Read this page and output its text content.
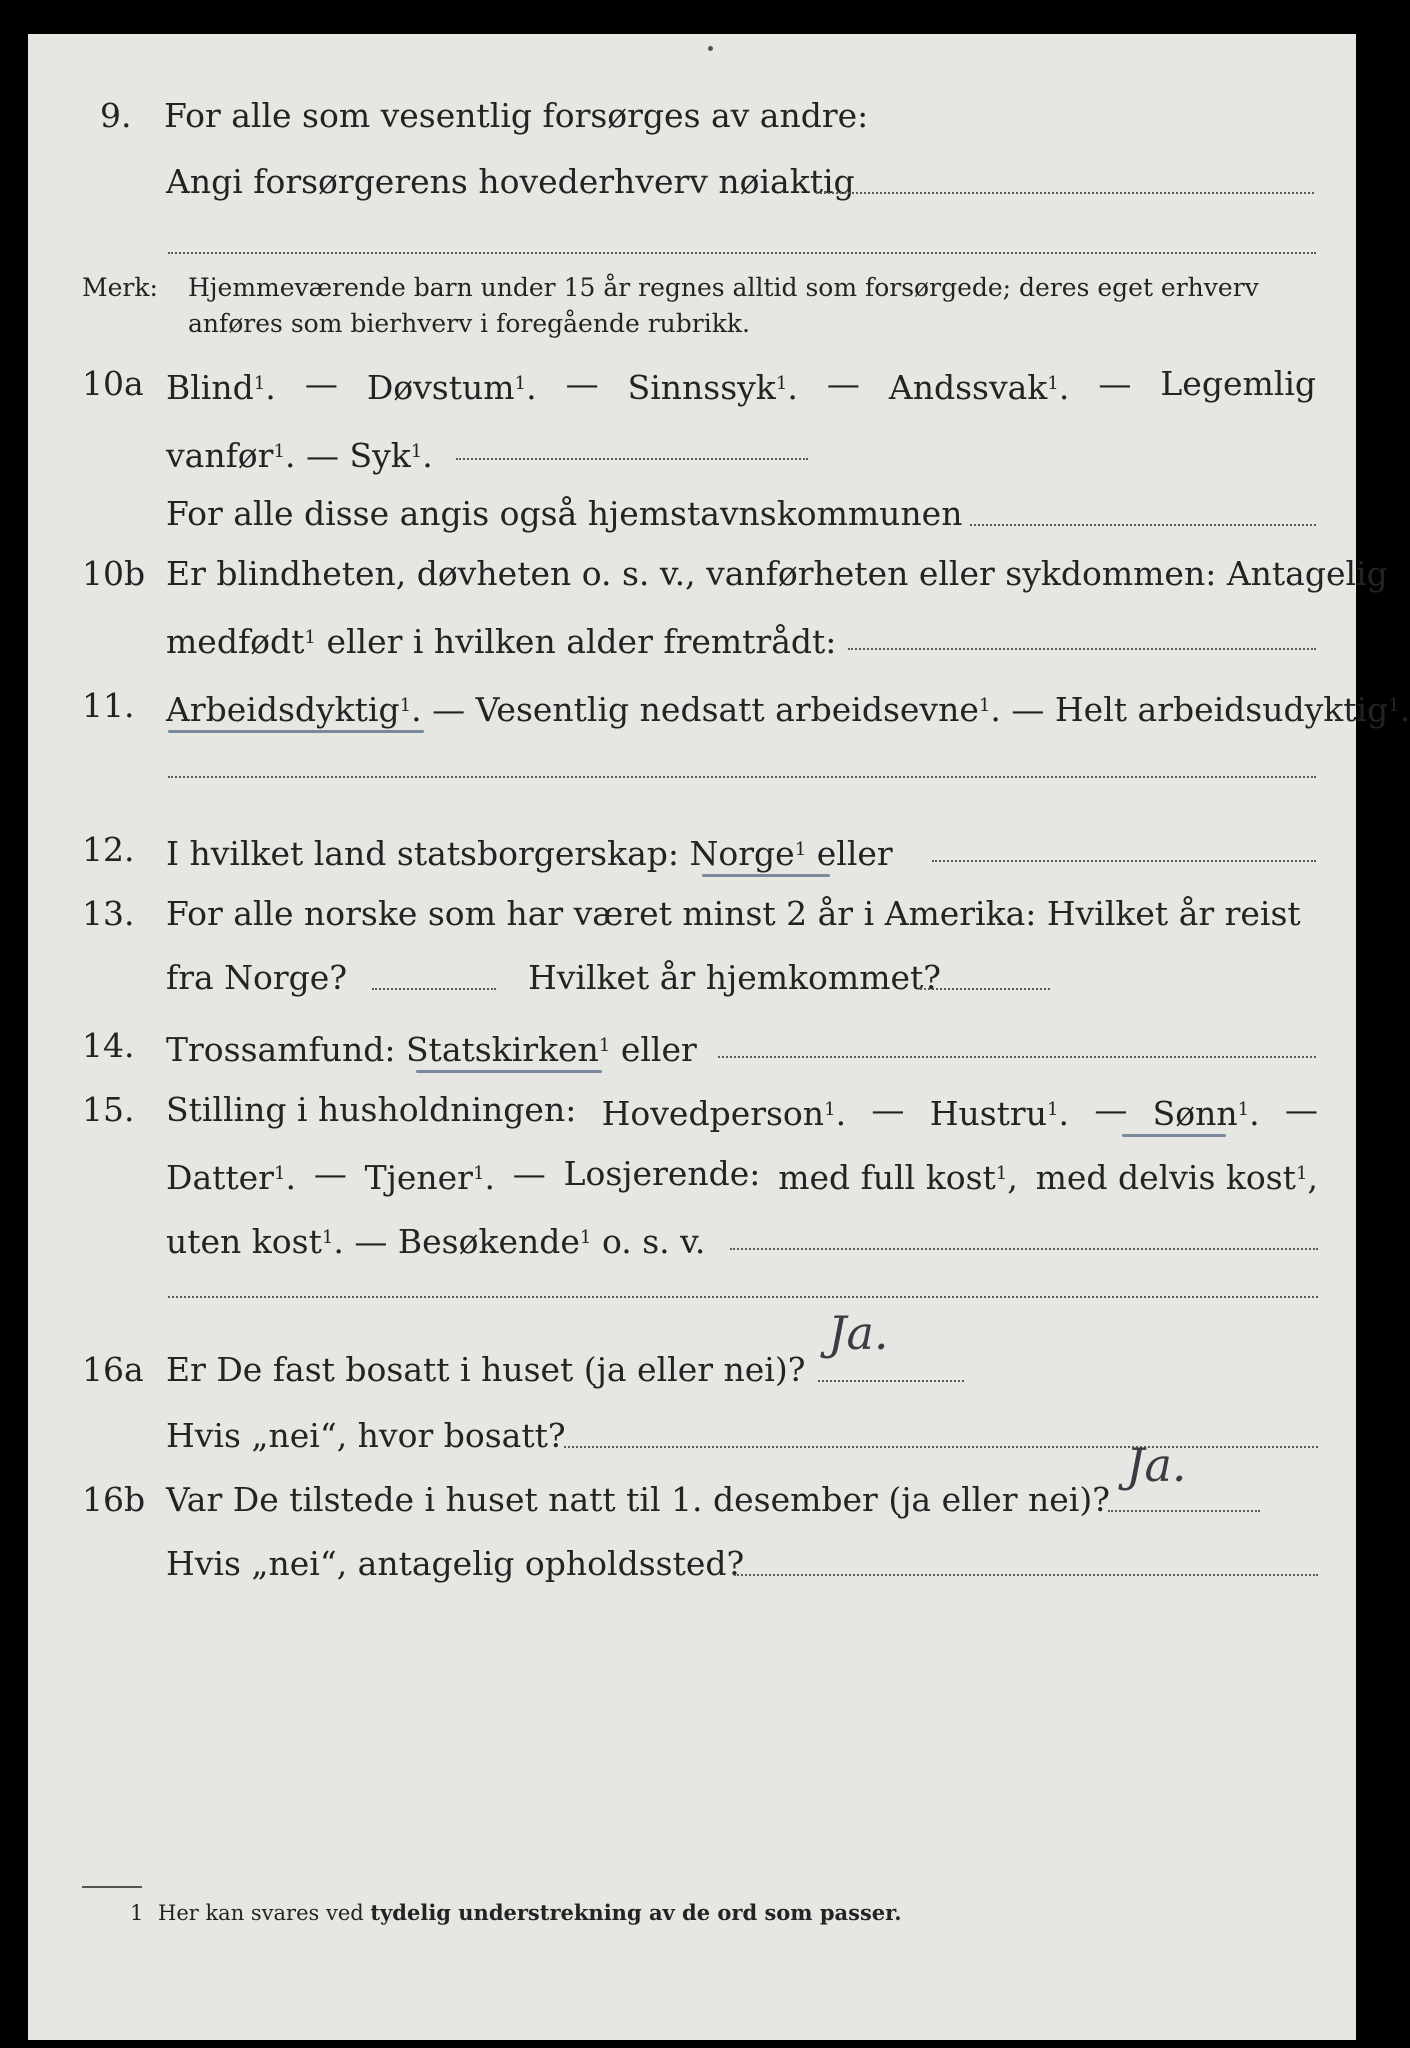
9. For alle som vesentlig forsørges av andre:
Angi forsørgerens hovederhverv nøiaktig
Merk: Hjemmeværende barn under 15 år regnes alltid som forsørgede; deres eget erhverv
anføres som bierhverv i foregående rubrikk.
10a Blind$^1$. — Døvstum$^1$. — Sinnssyk$^1$. — Andssvak$^1$. — Legemlig
vanfør$^1$. — Syk$^1$.
For alle disse angis også hjemstavnskommunen
10b Er blindheten, døvheten o. s. v., vanførheten eller sykdommen: Antagelig
medfødt$^1$ eller i hvilken alder fremtrådt:
11. Arbeidsdyktig$^1$. — Vesentlig nedsatt arbeidsevne$^1$. — Helt arbeidsudyktig$^1$.
12. I hvilket land statsborgerskap: Norge$^1$ eller
13. For alle norske som har været minst 2 år i Amerika: Hvilket år reist
fra Norge?	Hvilket år hjemkommet?
14. Trossamfund: Statskirken$^1$ eller
15. Stilling i husholdningen: Hovedperson$^1$. — Hustru$^1$. — Sønn$^1$. —
Datter$^1$. — Tjener$^1$. — Losjerende: med full kost$^1$, med delvis kost$^1$,
uten kost$^1$. — Besøkende$^1$ o. s. v.
16a Er De fast bosatt i huset (ja eller nei)?
Ja.
Hvis „nei“, hvor bosatt?
16b Var De tilstede i huset natt til 1. desember (ja eller nei)?
Ja.
Hvis „nei“, antagelig opholdssted?
1 Her kan svares ved tydelig understrekning av de ord som passer.
